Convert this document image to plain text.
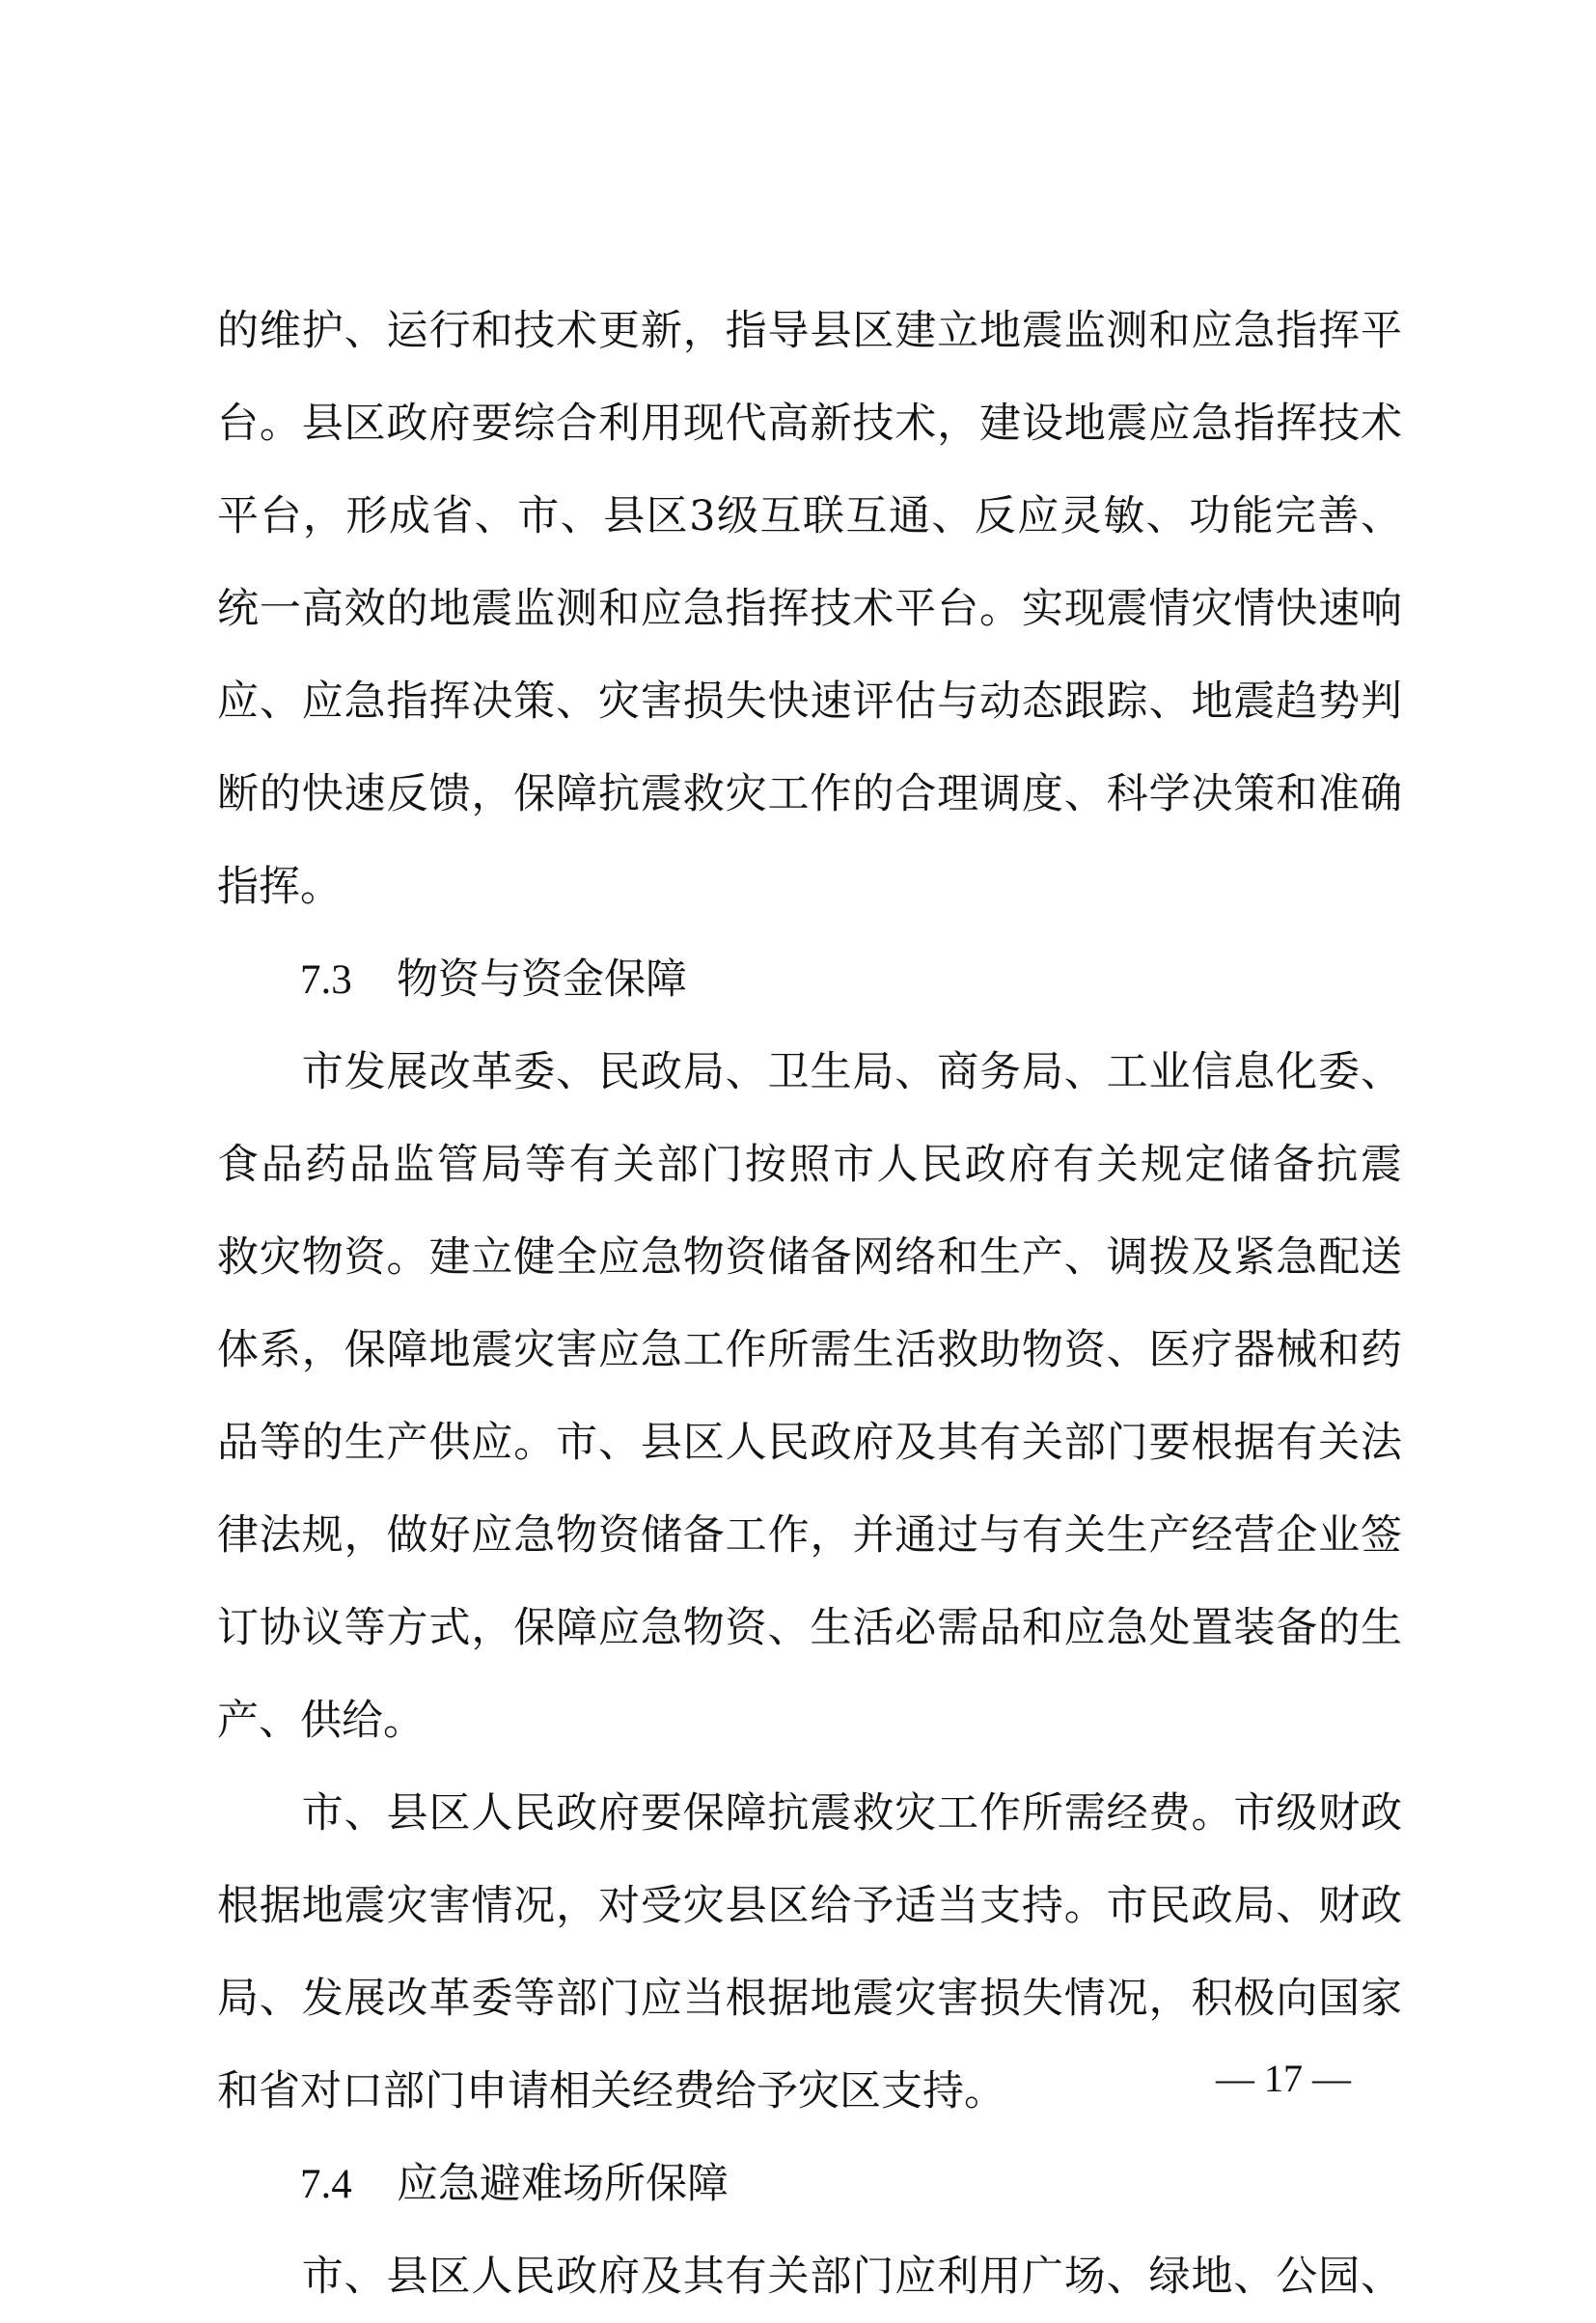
的维护、运行和技术更新，指导县区建立地震监测和应急指挥平
台。县区政府要综合利用现代高新技术，建设地震应急指挥技术
平台，形成省、市、县区3级互联互通、反应灵敏、功能完善、
统一高效的地震监测和应急指挥技术平台。实现震情灾情快速响
应、应急指挥决策、灾害损失快速评估与动态跟踪、地震趋势判
断的快速反馈，保障抗震救灾工作的合理调度、科学决策和准确
指挥。
7.3 物资与资金保障
　　市发展改革委、民政局、卫生局、商务局、工业信息化委、
食品药品监管局等有关部门按照市人民政府有关规定储备抗震
救灾物资。建立健全应急物资储备网络和生产、调拨及紧急配送
体系，保障地震灾害应急工作所需生活救助物资、医疗器械和药
品等的生产供应。市、县区人民政府及其有关部门要根据有关法
律法规，做好应急物资储备工作，并通过与有关生产经营企业签
订协议等方式，保障应急物资、生活必需品和应急处置装备的生
产、供给。
　　市、县区人民政府要保障抗震救灾工作所需经费。市级财政
根据地震灾害情况，对受灾县区给予适当支持。市民政局、财政
局、发展改革委等部门应当根据地震灾害损失情况，积极向国家
和省对口部门申请相关经费给予灾区支持。
7.4 应急避难场所保障
　　市、县区人民政府及其有关部门应利用广场、绿地、公园、
— 17 —
